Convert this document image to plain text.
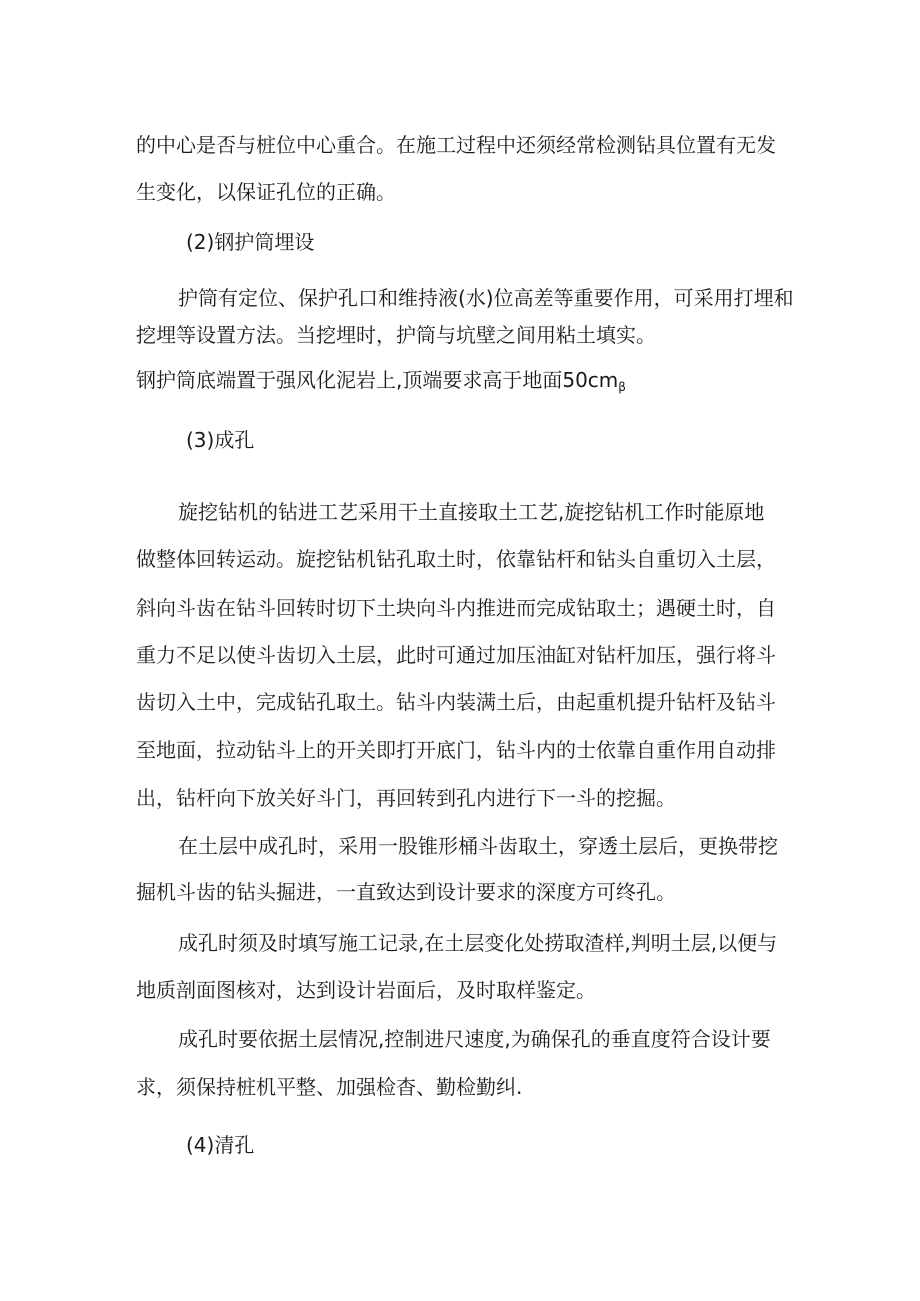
的中心是否与桩位中心重合。在施工过程中还须经常检测钻具位置有无发
生变化，以保证孔位的正确。
(2)钢护筒埋设
护筒有定位、保护孔口和维持液(水)位高差等重要作用，可采用打埋和
挖埋等设置方法。当挖埋时，护筒与坑壁之间用粘土填实。
钢护筒底端置于强风化泥岩上,顶端要求高于地面$50cm_\beta$
(3)成孔
旋挖钻机的钻进工艺采用干土直接取土工艺,旋挖钻机工作时能原地
做整体回转运动。旋挖钻机钻孔取土时，依靠钻杆和钻头自重切入土层，
斜向斗齿在钻斗回转时切下土块向斗内推进而完成钻取土；遇硬土时，自
重力不足以使斗齿切入土层，此时可通过加压油缸对钻杆加压，强行将斗
齿切入土中，完成钻孔取土。钻斗内装满土后，由起重机提升钻杆及钻斗
至地面，拉动钻斗上的开关即打开底门，钻斗内的士依靠自重作用自动排
出，钻杆向下放关好斗门，再回转到孔内进行下一斗的挖掘。
在土层中成孔时，采用一股锥形桶斗齿取土，穿透土层后，更换带挖
掘机斗齿的钻头掘进，一直致达到设计要求的深度方可终孔。
成孔时须及时填写施工记录,在土层变化处捞取渣样,判明土层,以便与
地质剖面图核对，达到设计岩面后，及时取样鉴定。
成孔时要依据土层情况,控制进尺速度,为确保孔的垂直度符合设计要
求，须保持桩机平整、加强检杳、勤检勤纠.
(4)清孔
